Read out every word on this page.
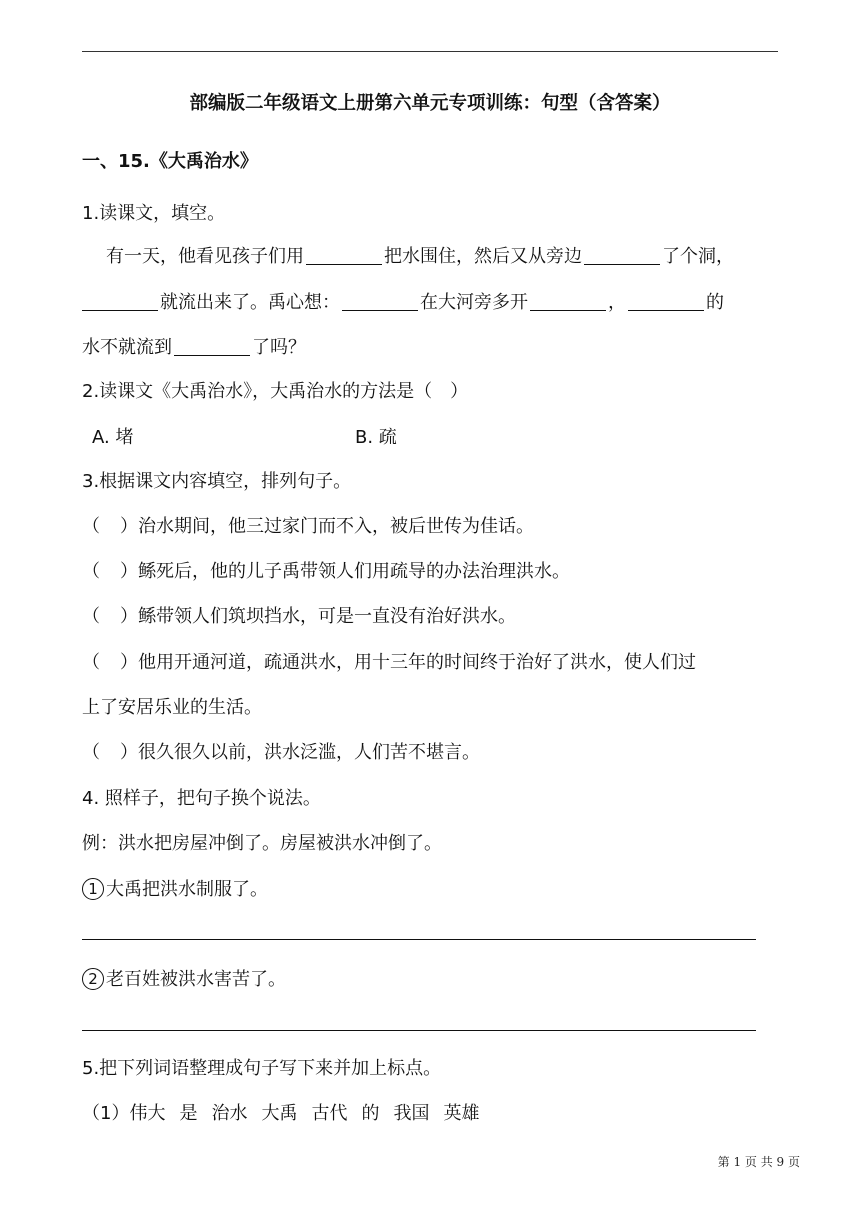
部编版二年级语文上册第六单元专项训练：句型（含答案）
一、15.《大禹治水》
1.读课文，填空。
有一天，他看见孩子们用	把水围住，然后又从旁边	了个洞，
就流出来了。禹心想：	在大河旁多开	，	的
水不就流到	了吗？
2.读课文《大禹治水》，大禹治水的方法是（　）
A. 堵	B. 疏
3.根据课文内容填空，排列句子。
（ ）治水期间，他三过家门而不入，被后世传为佳话。
（ ）鲧死后，他的儿子禹带领人们用疏导的办法治理洪水。
（ ）鲧带领人们筑坝挡水，可是一直没有治好洪水。
（ ）他用开通河道，疏通洪水，用十三年的时间终于治好了洪水，使人们过
上了安居乐业的生活。
（ ）很久很久以前，洪水泛滥，人们苦不堪言。
4. 照样子，把句子换个说法。
例：洪水把房屋冲倒了。房屋被洪水冲倒了。
1 大禹把洪水制服了。
2 老百姓被洪水害苦了。
5.把下列词语整理成句子写下来并加上标点。
（1）伟大 是 治水 大禹 古代 的 我国 英雄
第 1 页 共 9 页
